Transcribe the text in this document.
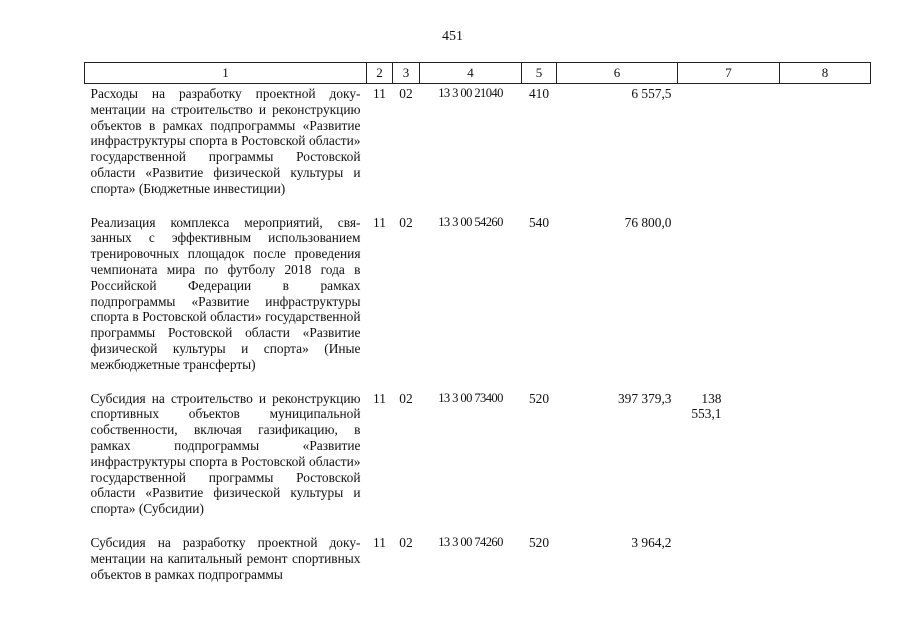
451
1	2	3	4	5	6	7	8
Расходы на разработку проектной документации на строительство и реконструкцию объектов в рамках подпрограммы «Развитие инфраструктуры спорта в Ростовской области» государственной программы Ростовской области «Развитие физической культуры и спорта» (Бюджетные инвестиции)	11	02	13 3 00 21040	410	6 557,5		
Реализация комплекса мероприятий, связанных с эффективным использованием тренировочных площадок после проведения чемпионата мира по футболу 2018 года в Российской Федерации в рамках подпрограммы «Развитие инфраструктуры спорта в Ростовской области» государственной программы Ростовской области «Развитие физической культуры и спорта» (Иные межбюджетные трансферты)	11	02	13 3 00 54260	540	76 800,0		
Субсидия на строительство и реконструкцию спортивных объектов муниципальной собственности, включая газификацию, в рамках подпрограммы «Развитие инфраструктуры спорта в Ростовской области» государственной программы Ростовской области «Развитие физической культуры и спорта» (Субсидии)	11	02	13 3 00 73400	520	397 379,3	138 553,1	
Субсидия на разработку проектной документации на капитальный ремонт спортивных объектов в рамках подпрограммы	11	02	13 3 00 74260	520	3 964,2		
